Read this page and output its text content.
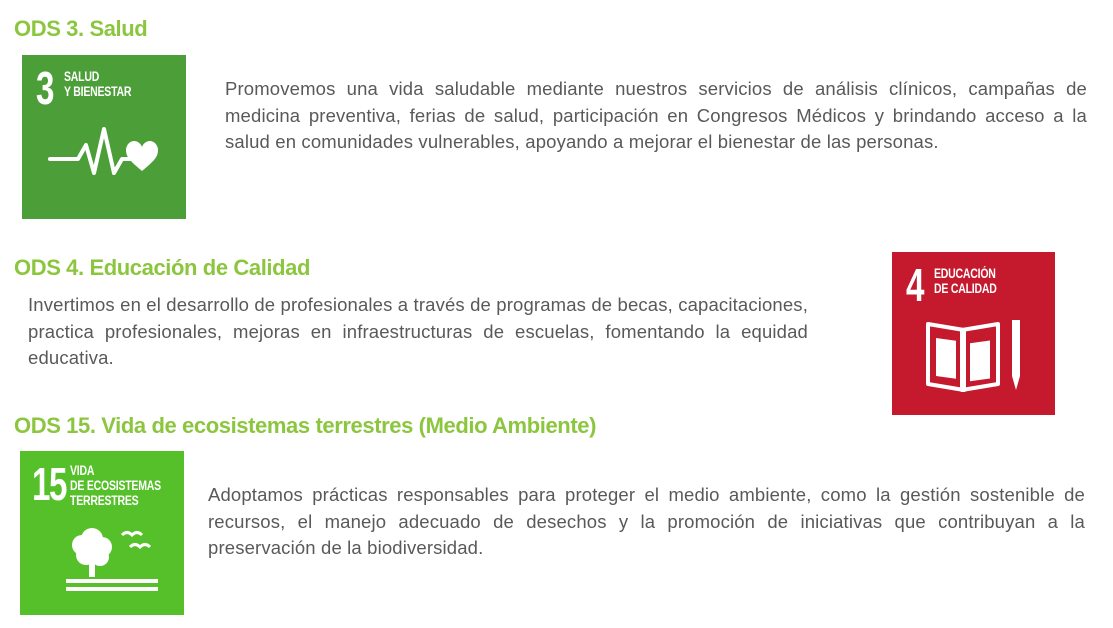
ODS 3. Salud
3 SALUD
Y BIENESTAR	Promovemos una vida saludable mediante nuestros servicios de análisis clínicos, campañas de medicina preventiva, ferias de salud, participación en Congresos Médicos y brindando acceso a la salud en comunidades vulnerables, apoyando a mejorar el bienestar de las personas.

ODS 4. Educación de Calidad

Invertimos en el desarrollo de profesionales a través de programas de becas, capacitaciones, practica profesionales, mejoras en infraestructuras de escuelas, fomentando la equidad educativa.

4 EDUCACIÓN
DE CALIDAD
ODS 15. Vida de ecosistemas terrestres (Medio Ambiente)
15 VIDA
DE ECOSISTEMAS
TERRESTRES	Adoptamos prácticas responsables para proteger el medio ambiente, como la gestión sostenible de recursos, el manejo adecuado de desechos y la promoción de iniciativas que contribuyan a la preservación de la biodiversidad.
